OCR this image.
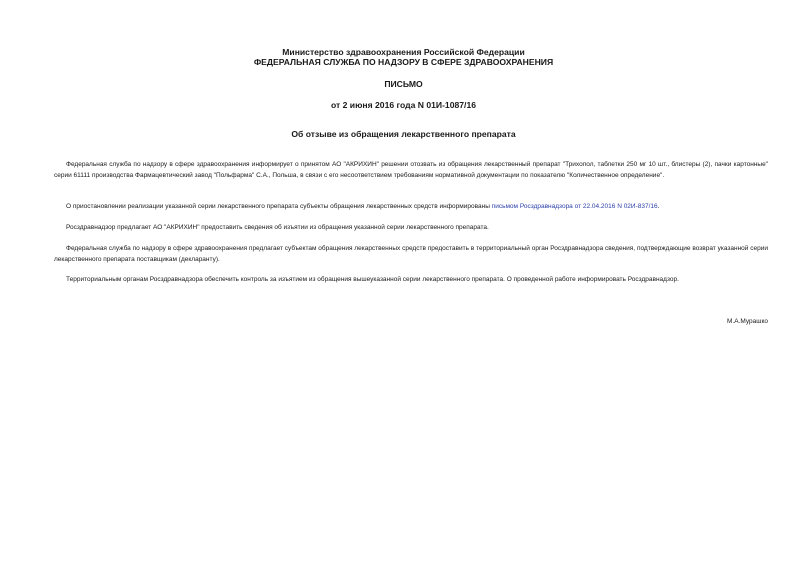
Министерство здравоохранения Российской Федерации
ФЕДЕРАЛЬНАЯ СЛУЖБА ПО НАДЗОРУ В СФЕРЕ ЗДРАВООХРАНЕНИЯ
ПИСЬМО
от 2 июня 2016 года N 01И-1087/16
Об отзыве из обращения лекарственного препарата

Федеральная служба по надзору в сфере здравоохранения информирует о принятом АО "АКРИХИН" решении отозвать из обращения лекарственный препарат "Трихопол, таблетки 250 мг 10 шт., блистеры (2), пачки картонные" серии 61111 производства Фармацевтический завод "Польфарма" С.А., Польша, в связи с его несоответствием требованиям нормативной документации по показателю "Количественное определение".

О приостановлении реализации указанной серии лекарственного препарата субъекты обращения лекарственных средств информированы письмом Росздравнадзора от 22.04.2016 N 02И-837/16.

Росздравнадзор предлагает АО "АКРИХИН" предоставить сведения об изъятии из обращения указанной серии лекарственного препарата.

Федеральная служба по надзору в сфере здравоохранения предлагает субъектам обращения лекарственных средств предоставить в территориальный орган Росздравнадзора сведения, подтверждающие возврат указанной серии лекарственного препарата поставщикам (декларанту).

Территориальным органам Росздравнадзора обеспечить контроль за изъятием из обращения вышеуказанной серии лекарственного препарата. О проведенной работе информировать Росздравнадзор.

М.А.Мурашко
